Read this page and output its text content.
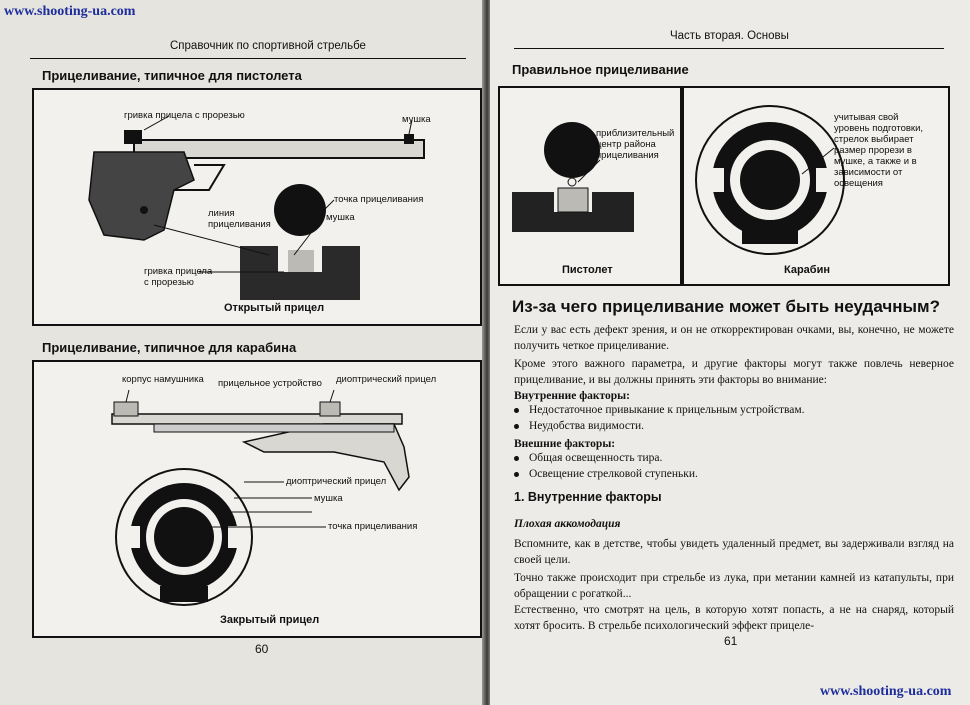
www.shooting-ua.com
Справочник по спортивной стрельбе
Прицеливание, типичное для пистолета
гривка прицела с прорезью	мушка
точка прицеливания
линия
прицеливания
мушка
гривка прицела
с прорезью
Открытый прицел
Прицеливание, типичное для карабина
корпус намушника прицельное устройство диоптрический прицел
диоптрический прицел
мушка
точка прицеливания
Закрытый прицел
60
Часть вторая. Основы
Правильное прицеливание
приблизительный
центр района
прицеливания
Пистолет
учитывая свой
уровень подготовки,
стрелок выбирает
размер прорези в
мушке, а также и в
зависимости от
освещения
Карабин
Из-за чего прицеливание может быть неудачным?
Если у вас есть дефект зрения, и он не откорректирован очками, вы, конечно, не можете получить четкое прицеливание.
Кроме этого важного параметра, и другие факторы могут также повлечь неверное прицеливание, и вы должны принять эти факторы во внимание:
Внутренние факторы:
Недостаточное привыкание к прицельным устройствам.
Неудобства видимости.
Внешние факторы:
Общая освещенность тира.
Освещение стрелковой ступеньки.
1. Внутренние факторы
Плохая аккомодация
Вспомните, как в детстве, чтобы увидеть удаленный предмет, вы задерживали взгляд на своей цели.
Точно также происходит при стрельбе из лука, при метании камней из катапульты, при обращении с рогаткой...
Естественно, что смотрят на цель, в которую хотят попасть, а не на снаряд, который хотят бросить. В стрельбе психологический эффект прицеле-
61
www.shooting-ua.com
